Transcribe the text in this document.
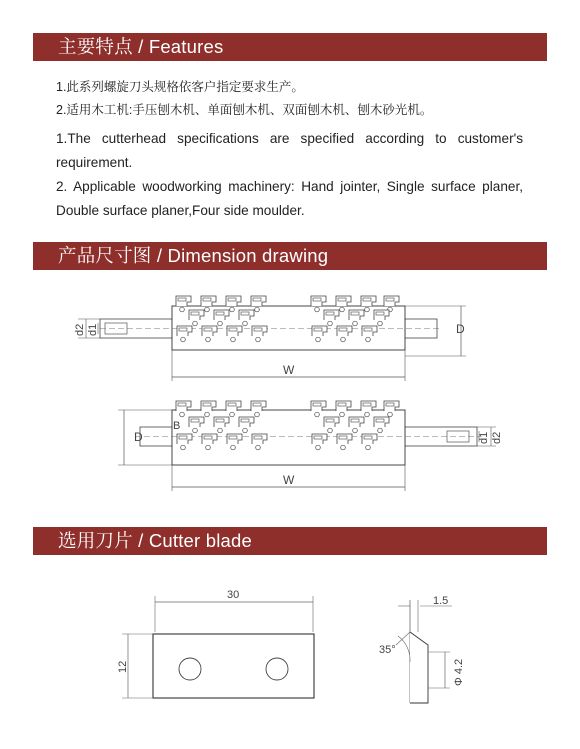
主要特点 / Features
1.此系列螺旋刀头规格依客户指定要求生产。
2.适用木工机:手压刨木机、单面刨木机、双面刨木机、刨木砂光机。
1.The cutterhead specifications are specified according to customer's requirement.
2. Applicable woodworking machinery: Hand jointer, Single surface planer, Double surface planer,Four side moulder.
产品尺寸图 / Dimension drawing
d2 d1	D
W
B
D	d1 d2
W
选用刀片 / Cutter blade
30
12
1.5
35°
Φ 4.2
